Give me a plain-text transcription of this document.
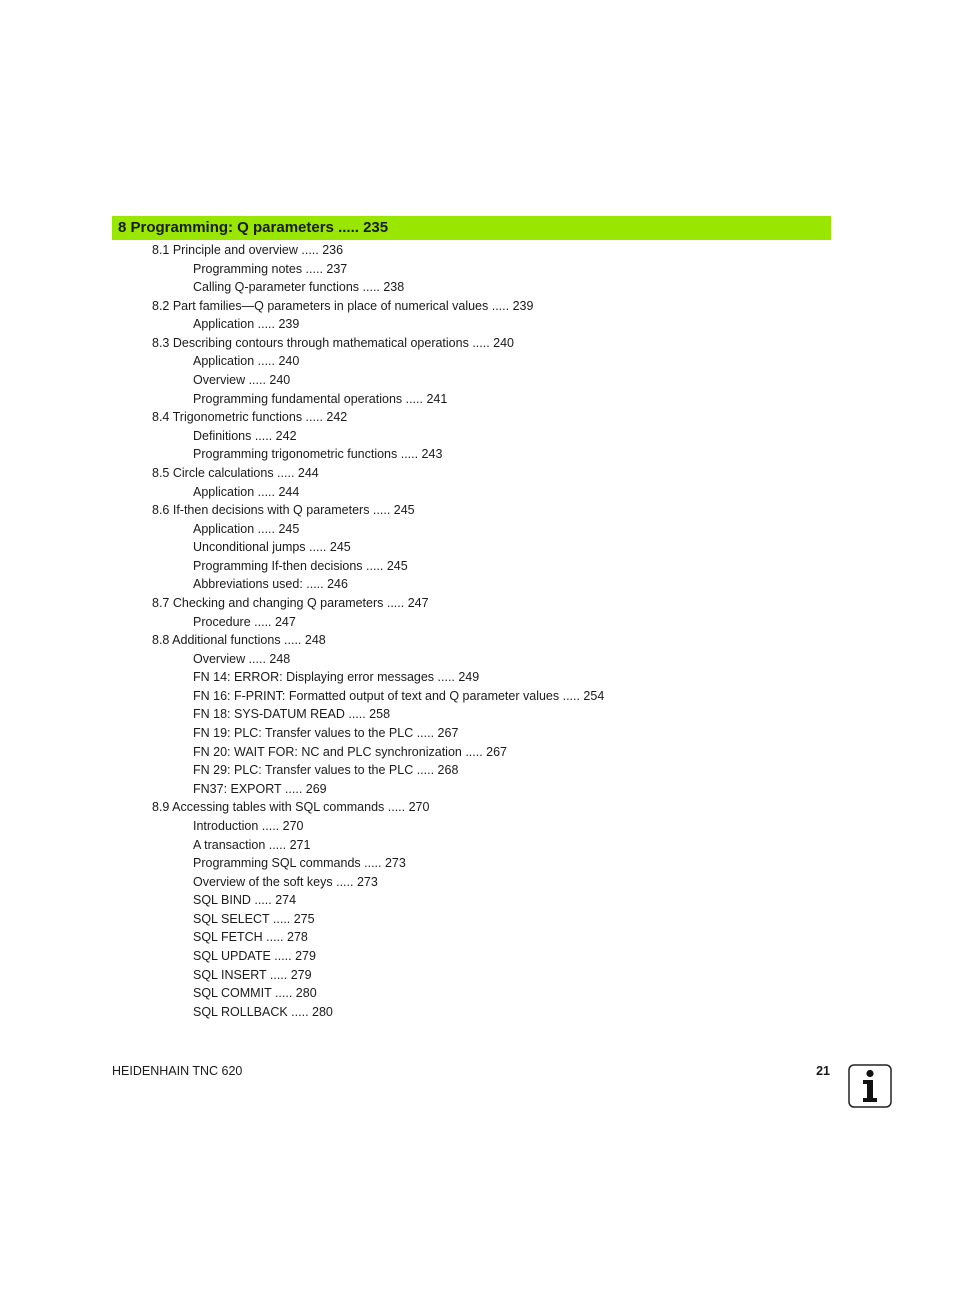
8 Programming: Q parameters ..... 235
8.1 Principle and overview ..... 236
Programming notes ..... 237
Calling Q-parameter functions ..... 238
8.2 Part families—Q parameters in place of numerical values ..... 239
Application ..... 239
8.3 Describing contours through mathematical operations ..... 240
Application ..... 240
Overview ..... 240
Programming fundamental operations ..... 241
8.4 Trigonometric functions ..... 242
Definitions ..... 242
Programming trigonometric functions ..... 243
8.5 Circle calculations ..... 244
Application ..... 244
8.6 If-then decisions with Q parameters ..... 245
Application ..... 245
Unconditional jumps ..... 245
Programming If-then decisions ..... 245
Abbreviations used: ..... 246
8.7 Checking and changing Q parameters ..... 247
Procedure ..... 247
8.8 Additional functions ..... 248
Overview ..... 248
FN 14: ERROR: Displaying error messages ..... 249
FN 16: F-PRINT: Formatted output of text and Q parameter values ..... 254
FN 18: SYS-DATUM READ ..... 258
FN 19: PLC: Transfer values to the PLC ..... 267
FN 20: WAIT FOR: NC and PLC synchronization ..... 267
FN 29: PLC: Transfer values to the PLC ..... 268
FN37: EXPORT ..... 269
8.9 Accessing tables with SQL commands ..... 270
Introduction ..... 270
A transaction ..... 271
Programming SQL commands ..... 273
Overview of the soft keys ..... 273
SQL BIND ..... 274
SQL SELECT ..... 275
SQL FETCH ..... 278
SQL UPDATE ..... 279
SQL INSERT ..... 279
SQL COMMIT ..... 280
SQL ROLLBACK ..... 280
HEIDENHAIN TNC 620	21
